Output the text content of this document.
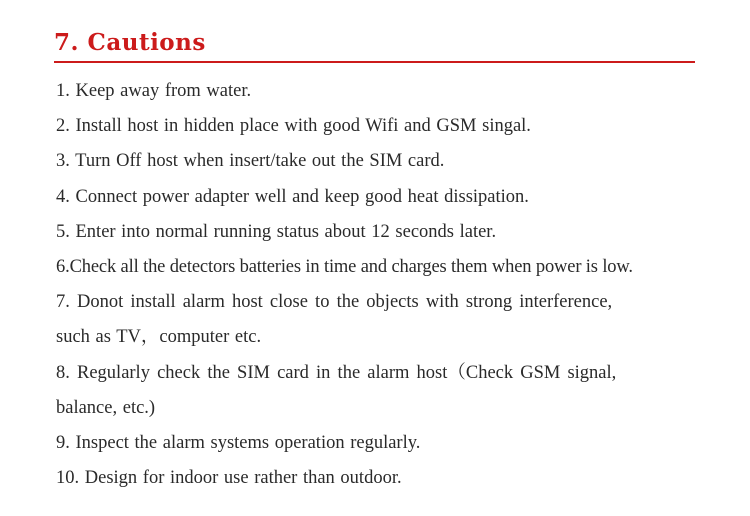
7. Cautions
1. Keep away from water.
2. Install host in hidden place with good Wifi and GSM singal.
3. Turn Off host when insert/take out the SIM card.
4. Connect power adapter well and keep good heat dissipation.
5. Enter into normal running status about 12 seconds later.
6.Check all the detectors batteries in time and charges them when power is low.
7. Donot install alarm host close to the objects with strong interference,
such as TV，computer etc.
8. Regularly check the SIM card in the alarm host（Check GSM signal,
balance, etc.)
9. Inspect the alarm systems operation regularly.
10. Design for indoor use rather than outdoor.
